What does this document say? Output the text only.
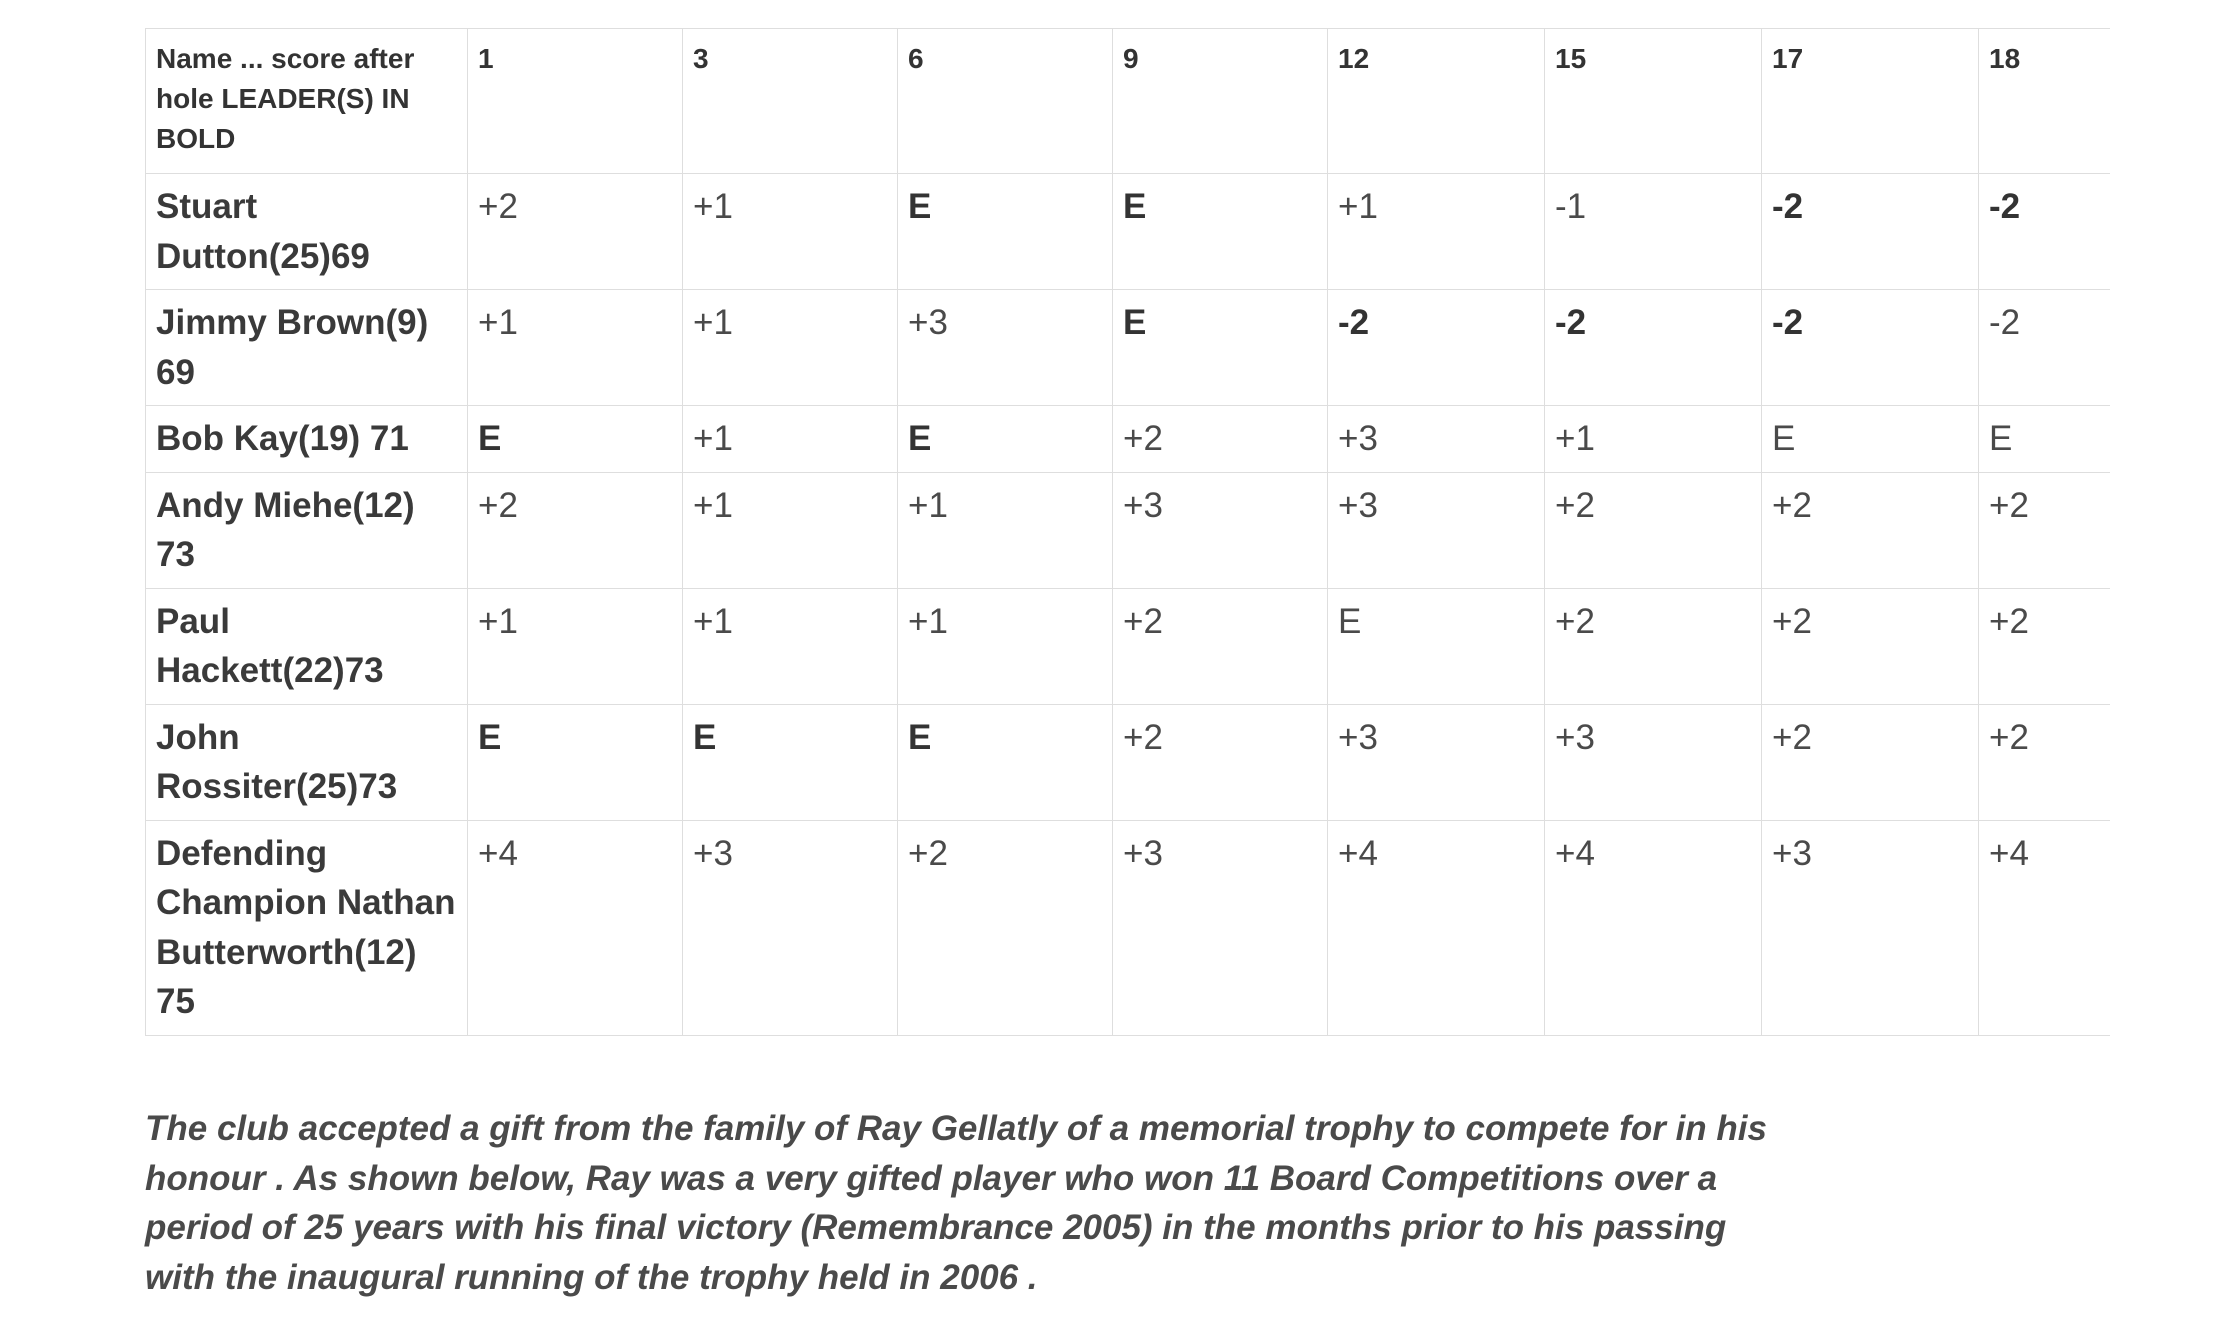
Name ... score after hole LEADER(S) IN BOLD	1	3	6	9	12	15	17	18
Stuart Dutton(25)69	+2	+1	E	E	+1	-1	-2	-2
Jimmy Brown(9) 69	+1	+1	+3	E	-2	-2	-2	-2
Bob Kay(19) 71	E	+1	E	+2	+3	+1	E	E
Andy Miehe(12) 73	+2	+1	+1	+3	+3	+2	+2	+2
Paul Hackett(22)73	+1	+1	+1	+2	E	+2	+2	+2
John Rossiter(25)73	E	E	E	+2	+3	+3	+2	+2
Defending Champion Nathan Butterworth(12) 75	+4	+3	+2	+3	+4	+4	+3	+4

The club accepted a gift from the family of Ray Gellatly of a memorial trophy to compete for in his honour . As shown below, Ray was a very gifted player who won 11 Board Competitions over a period of 25 years with his final victory (Remembrance 2005) in the months prior to his passing with the inaugural running of the trophy held in 2006 .
